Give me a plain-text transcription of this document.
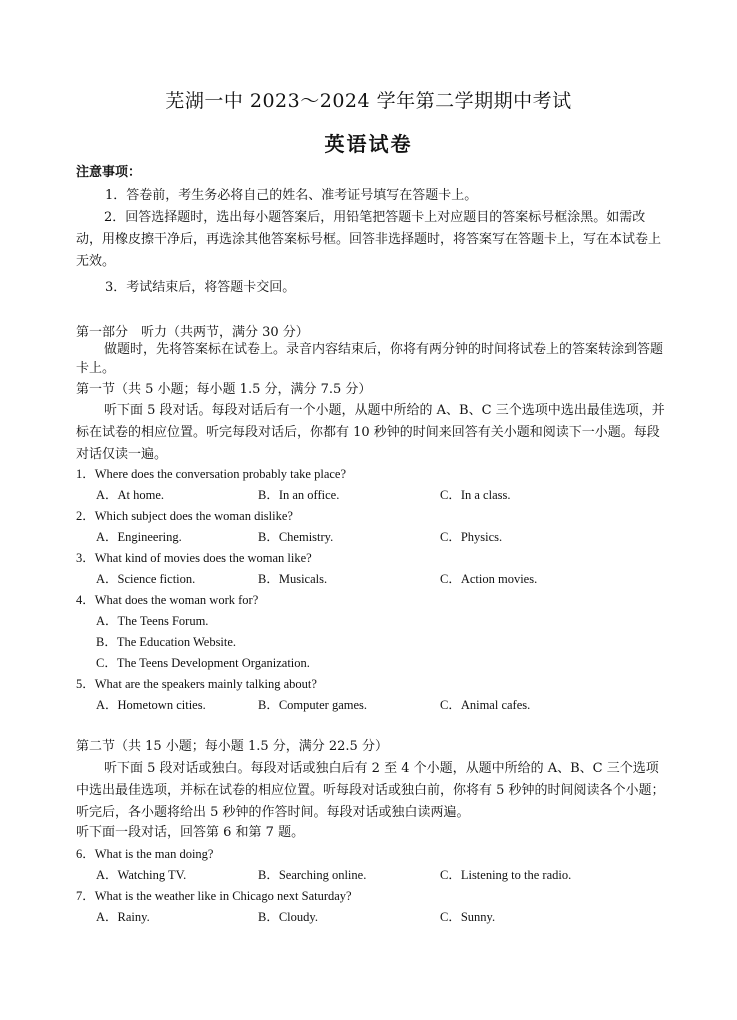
芜湖一中 2023～2024 学年第二学期期中考试
英语试卷
注意事项：
1．答卷前，考生务必将自己的姓名、准考证号填写在答题卡上。
2．回答选择题时，选出每小题答案后，用铅笔把答题卡上对应题目的答案标号框涂黑。如需改动，用橡皮擦干净后，再选涂其他答案标号框。回答非选择题时，将答案写在答题卡上，写在本试卷上无效。
3．考试结束后，将答题卡交回。
第一部分　听力（共两节，满分 30 分）
做题时，先将答案标在试卷上。录音内容结束后，你将有两分钟的时间将试卷上的答案转涂到答题卡上。
第一节（共 5 小题；每小题 1.5 分，满分 7.5 分）
听下面 5 段对话。每段对话后有一个小题，从题中所给的 A、B、C 三个选项中选出最佳选项，并标在试卷的相应位置。听完每段对话后，你都有 10 秒钟的时间来回答有关小题和阅读下一小题。每段对话仅读一遍。
1．Where does the conversation probably take place?
A．At home.	B．In an office.	C．In a class.
2．Which subject does the woman dislike?
A．Engineering.	B．Chemistry.	C．Physics.
3．What kind of movies does the woman like?
A．Science fiction.	B．Musicals.	C．Action movies.
4．What does the woman work for?
A．The Teens Forum.
B．The Education Website.
C．The Teens Development Organization.
5．What are the speakers mainly talking about?
A．Hometown cities.	B．Computer games.	C．Animal cafes.
第二节（共 15 小题；每小题 1.5 分，满分 22.5 分）
听下面 5 段对话或独白。每段对话或独白后有 2 至 4 个小题，从题中所给的 A、B、C 三个选项中选出最佳选项，并标在试卷的相应位置。听每段对话或独白前，你将有 5 秒钟的时间阅读各个小题；听完后，各小题将给出 5 秒钟的作答时间。每段对话或独白读两遍。
听下面一段对话，回答第 6 和第 7 题。
6．What is the man doing?
A．Watching TV.	B．Searching online.	C．Listening to the radio.
7．What is the weather like in Chicago next Saturday?
A．Rainy.	B．Cloudy.	C．Sunny.
